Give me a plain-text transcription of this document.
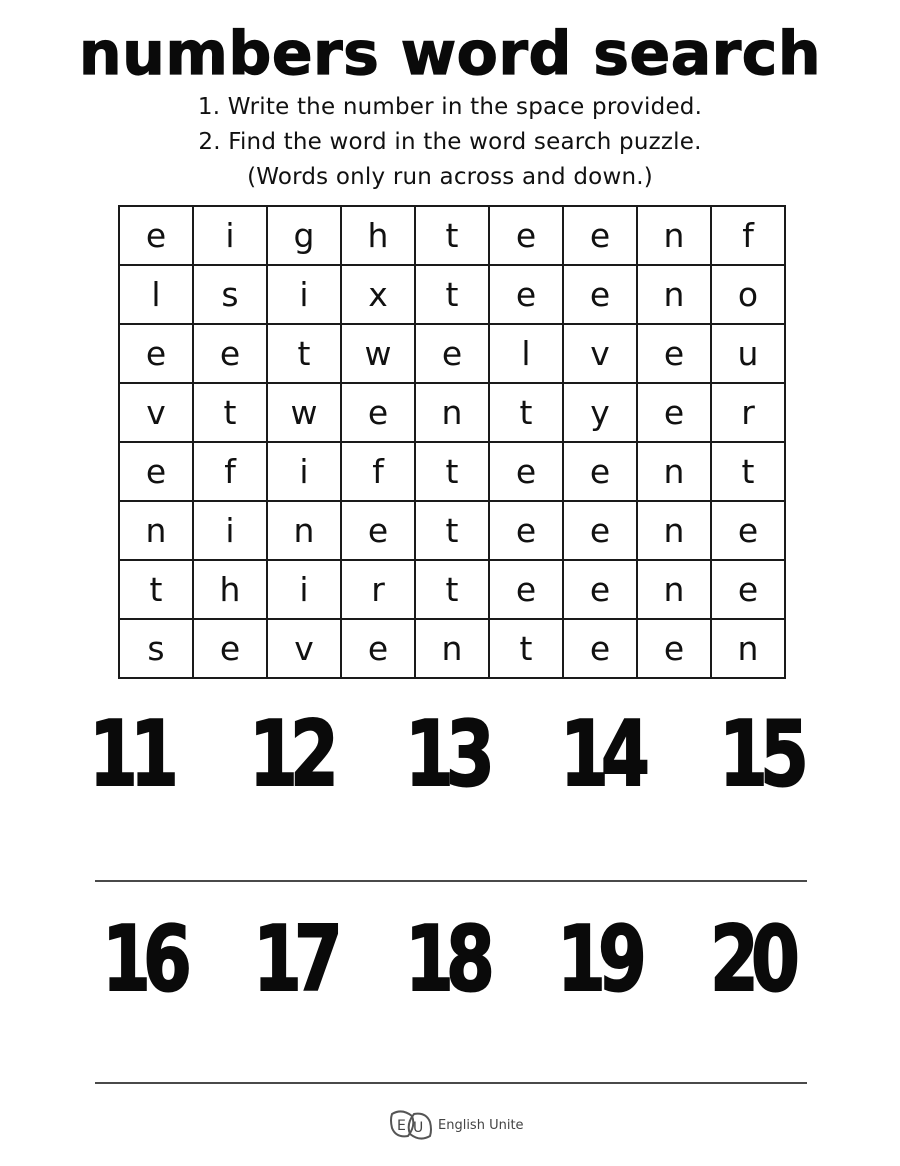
numbers word search
1. Write the number in the space provided.
2. Find the word in the word search puzzle.
(Words only run across and down.)
e	i	g	h	t	e	e	n	f
l	s	i	x	t	e	e	n	o
e	e	t	w	e	l	v	e	u
v	t	w	e	n	t	y	e	r
e	f	i	f	t	e	e	n	t
n	i	n	e	t	e	e	n	e
t	h	i	r	t	e	e	n	e
s	e	v	e	n	t	e	e	n
11 12 13 14 15
16 17 18 19 20
E U English Unite
